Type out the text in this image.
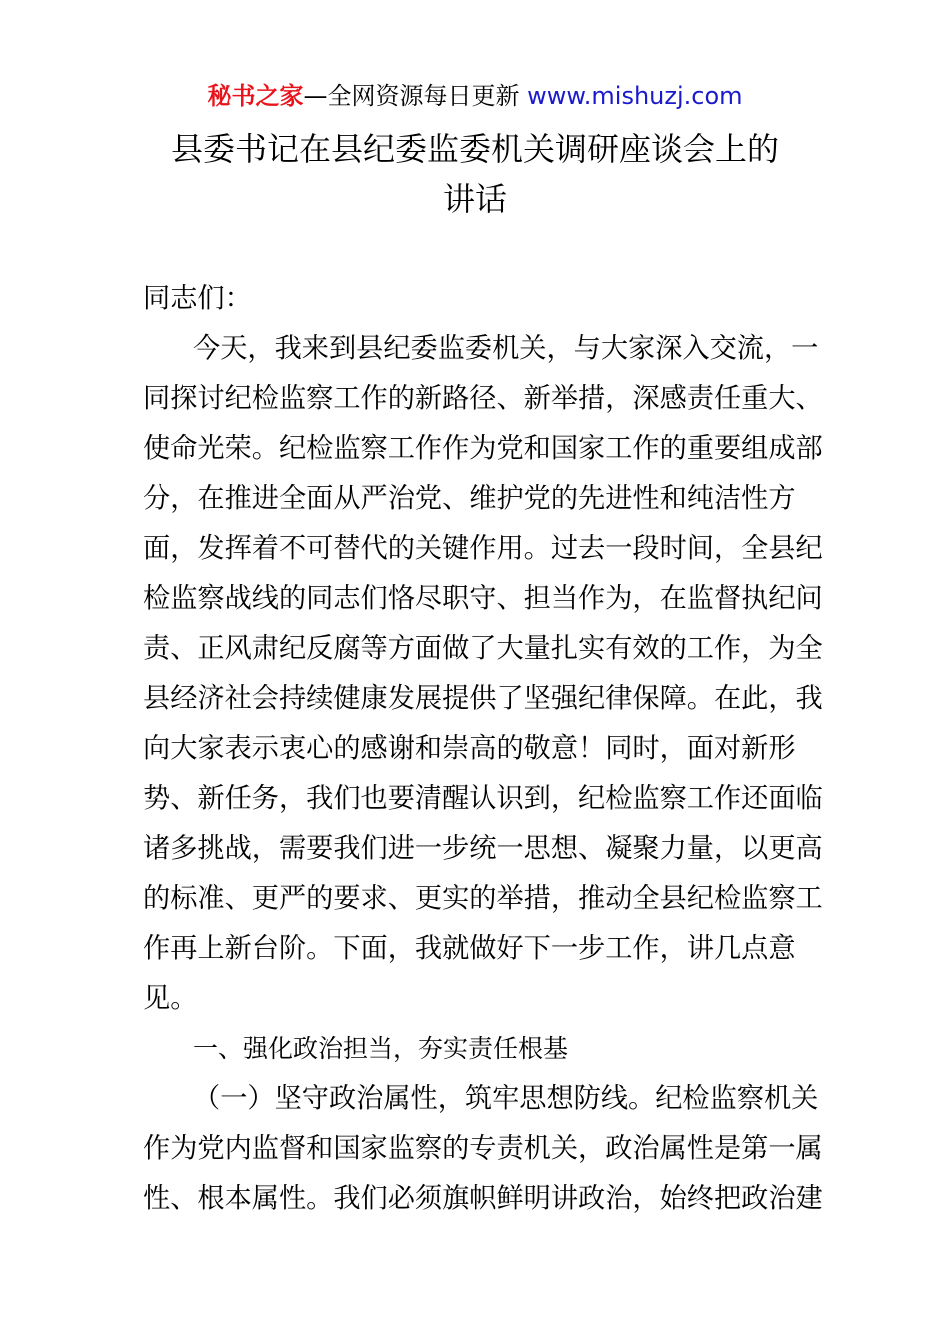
秘书之家—全网资源每日更新 www.mishuzj.com
县委书记在县纪委监委机关调研座谈会上的
讲话
同志们：
今天，我来到县纪委监委机关，与大家深入交流，一
同探讨纪检监察工作的新路径、新举措，深感责任重大、
使命光荣。纪检监察工作作为党和国家工作的重要组成部
分，在推进全面从严治党、维护党的先进性和纯洁性方
面，发挥着不可替代的关键作用。过去一段时间，全县纪
检监察战线的同志们恪尽职守、担当作为，在监督执纪问
责、正风肃纪反腐等方面做了大量扎实有效的工作，为全
县经济社会持续健康发展提供了坚强纪律保障。在此，我
向大家表示衷心的感谢和崇高的敬意！同时，面对新形
势、新任务，我们也要清醒认识到，纪检监察工作还面临
诸多挑战，需要我们进一步统一思想、凝聚力量，以更高
的标准、更严的要求、更实的举措，推动全县纪检监察工
作再上新台阶。下面，我就做好下一步工作，讲几点意
见。
一、强化政治担当，夯实责任根基
（一）坚守政治属性，筑牢思想防线。纪检监察机关
作为党内监督和国家监察的专责机关，政治属性是第一属
性、根本属性。我们必须旗帜鲜明讲政治，始终把政治建
